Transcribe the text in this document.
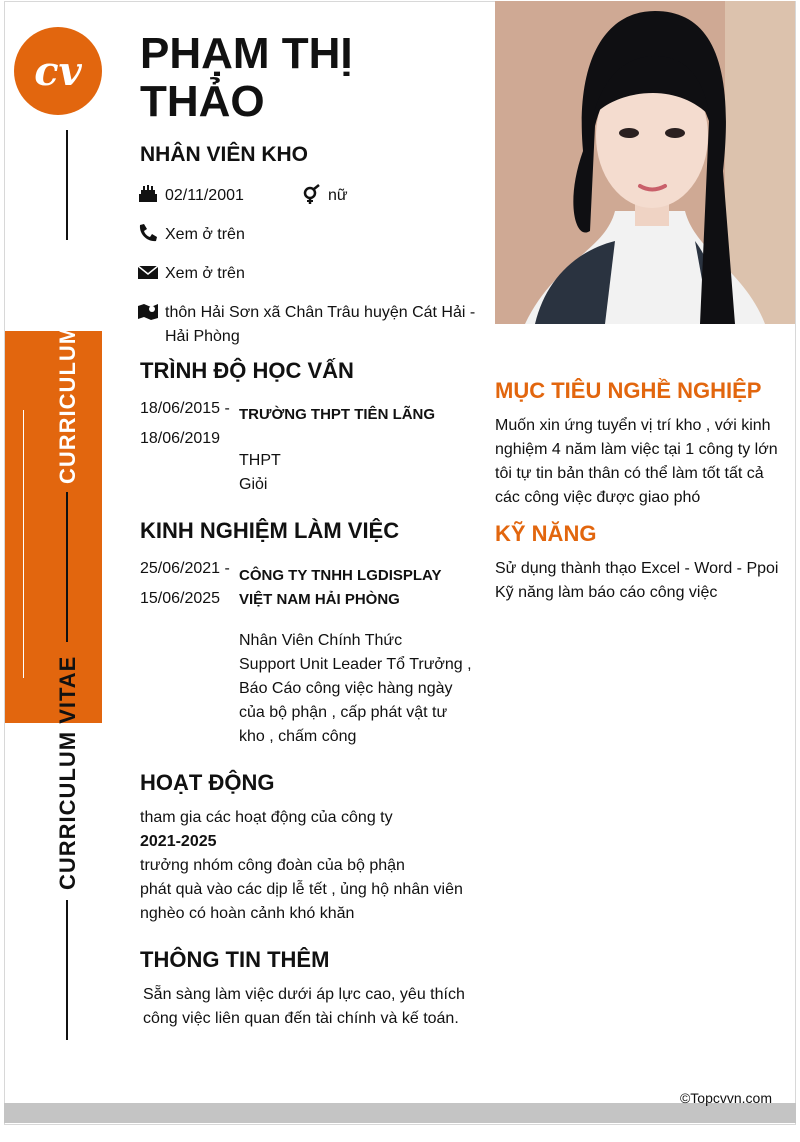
cv
CURRICULUM VITAE
CURRICULUM VITAE
PHẠM THỊ
THẢO
NHÂN VIÊN KHO
02/11/2001	nữ
Xem ở trên
Xem ở trên
thôn Hải Sơn xã Chân Trâu huyện Cát Hải - Hải Phòng
TRÌNH ĐỘ HỌC VẤN
18/06/2015 -
18/06/2019
TRƯỜNG THPT TIÊN LÃNG
THPT
Giỏi
KINH NGHIỆM LÀM VIỆC
25/06/2021 -
15/06/2025
CÔNG TY TNHH LGDISPLAY
VIỆT NAM HẢI PHÒNG
Nhân Viên Chính Thức
Support Unit Leader Tổ Trưởng ,
Báo Cáo công việc hàng ngày
của bộ phận , cấp phát vật tư
kho , chấm công
HOẠT ĐỘNG
tham gia các hoạt động của công ty
2021-2025
trưởng nhóm công đoàn của bộ phận
phát quà vào các dịp lễ tết , ủng hộ nhân viên
nghèo có hoàn cảnh khó khăn
THÔNG TIN THÊM
Sẵn sàng làm việc dưới áp lực cao, yêu thích
công việc liên quan đến tài chính và kế toán.
MỤC TIÊU NGHỀ NGHIỆP
Muốn xin ứng tuyển vị trí kho , với kinh
nghiệm 4 năm làm việc tại 1 công ty lớn
tôi tự tin bản thân có thể làm tốt tất cả
các công việc được giao phó
KỸ NĂNG
Sử dụng thành thạo Excel - Word - Ppoi
Kỹ năng làm báo cáo công việc
©Topcvvn.com
